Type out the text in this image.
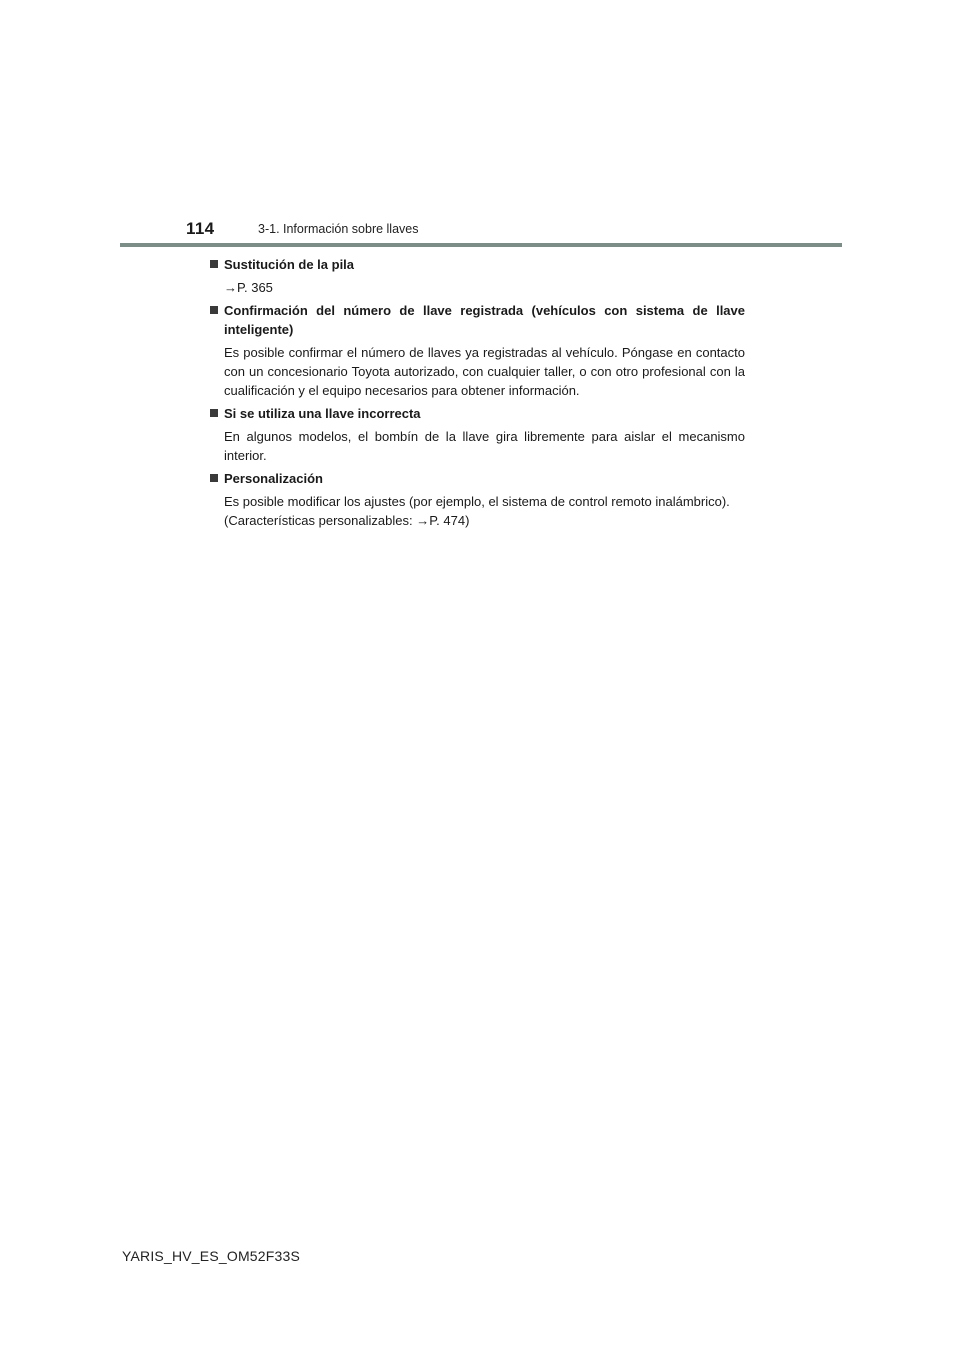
114	3-1. Información sobre llaves
Sustitución de la pila
→P. 365
Confirmación del número de llave registrada (vehículos con sistema de llave inteligente)
Es posible confirmar el número de llaves ya registradas al vehículo. Póngase en contacto con un concesionario Toyota autorizado, con cualquier taller, o con otro profesional con la cualificación y el equipo necesarios para obtener información.
Si se utiliza una llave incorrecta
En algunos modelos, el bombín de la llave gira libremente para aislar el mecanismo interior.
Personalización
Es posible modificar los ajustes (por ejemplo, el sistema de control remoto inalámbrico).
(Características personalizables: →P. 474)
YARIS_HV_ES_OM52F33S
